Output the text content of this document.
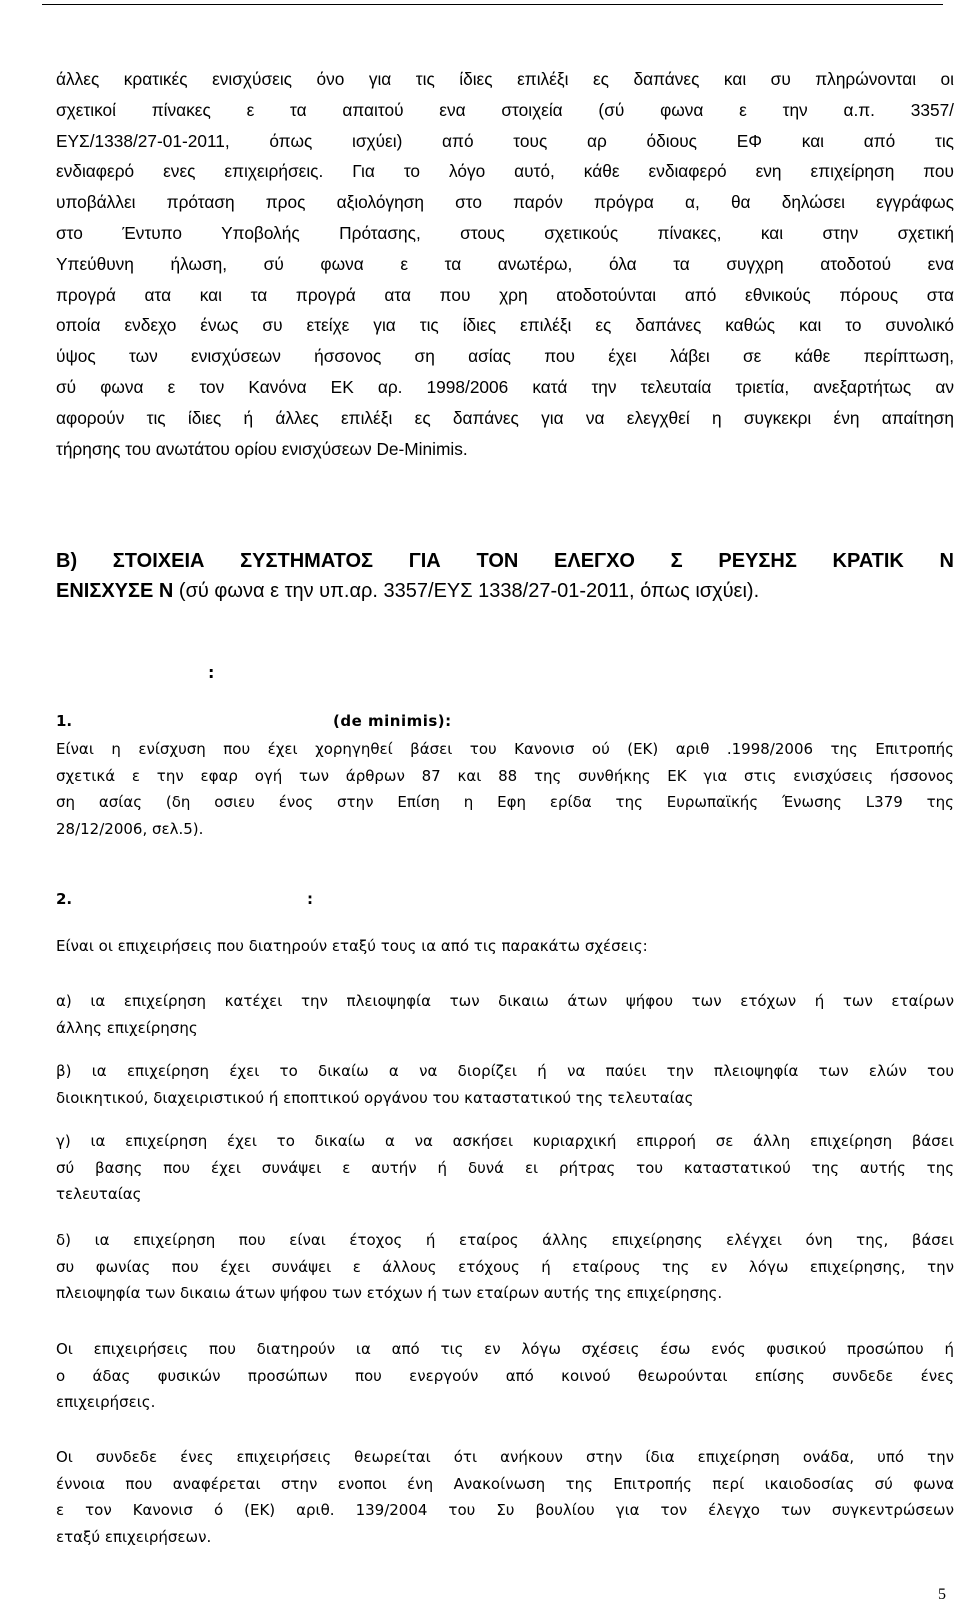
άλλες κρατικές ενισχύσεις όνο για τις ίδιες επιλέξι ες δαπάνες και συ πληρώνονται οι
σχετικοί πίνακες ε τα απαιτού ενα στοιχεία (σύ φωνα ε την α.π. 3357/
ΕΥΣ/1338/27-01-2011, όπως ισχύει) από τους αρ όδιους ΕΦ και από τις
ενδιαφερό ενες επιχειρήσεις. Για το λόγο αυτό, κάθε ενδιαφερό ενη επιχείρηση που
υποβάλλει πρόταση προς αξιολόγηση στο παρόν πρόγρα α, θα δηλώσει εγγράφως
στο Έντυπο Υποβολής Πρότασης, στους σχετικούς πίνακες, και στην σχετική
Υπεύθυνη ήλωση, σύ φωνα ε τα ανωτέρω, όλα τα συγχρη ατοδοτού ενα
προγρά ατα και τα προγρά ατα που χρη ατοδοτούνται από εθνικούς πόρους στα
οποία ενδεχο ένως συ ετείχε για τις ίδιες επιλέξι ες δαπάνες καθώς και το συνολικό
ύψος των ενισχύσεων ήσσονος ση ασίας που έχει λάβει σε κάθε περίπτωση,
σύ φωνα ε τον Κανόνα ΕΚ αρ. 1998/2006 κατά την τελευταία τριετία, ανεξαρτήτως αν
αφορούν τις ίδιες ή άλλες επιλέξι ες δαπάνες για να ελεγχθεί η συγκεκρι ένη απαίτηση
τήρησης του ανωτάτου ορίου ενισχύσεων De-Minimis.

Β) ΣΤΟΙΧΕΙΑ ΣΥΣΤΗΜΑΤΟΣ ΓΙΑ ΤΟΝ ΕΛΕΓΧΟ Σ ΡΕΥΣΗΣ ΚΡΑΤΙΚ Ν
ΕΝΙΣΧΥΣΕ Ν (σύ φωνα ε την υπ.αρ. 3357/ΕΥΣ 1338/27-01-2011, όπως ισχύει).
:
1.	(de minimis):

Είναι η ενίσχυση που έχει χορηγηθεί βάσει του Κανονισ ού (ΕΚ) αριθ .1998/2006 της Επιτροπής
σχετικά ε την εφαρ ογή των άρθρων 87 και 88 της συνθήκης ΕΚ για στις ενισχύσεις ήσσονος
ση ασίας (δη οσιευ ένος στην Επίση η Εφη ερίδα της Ευρωπαϊκής Ένωσης L379 της
28/12/2006, σελ.5).

2.	:

Είναι οι επιχειρήσεις που διατηρούν εταξύ τους ια από τις παρακάτω σχέσεις:

α) ια επιχείρηση κατέχει την πλειοψηφία των δικαιω άτων ψήφου των ετόχων ή των εταίρων
άλλης επιχείρησης

β) ια επιχείρηση έχει το δικαίω α να διορίζει ή να παύει την πλειοψηφία των ελών του
διοικητικού, διαχειριστικού ή εποπτικού οργάνου του καταστατικού της τελευταίας

γ) ια επιχείρηση έχει το δικαίω α να ασκήσει κυριαρχική επιρροή σε άλλη επιχείρηση βάσει
σύ βασης που έχει συνάψει ε αυτήν ή δυνά ει ρήτρας του καταστατικού της αυτής της
τελευταίας

δ) ια επιχείρηση που είναι έτοχος ή εταίρος άλλης επιχείρησης ελέγχει όνη της, βάσει
συ φωνίας που έχει συνάψει ε άλλους ετόχους ή εταίρους της εν λόγω επιχείρησης, την
πλειοψηφία των δικαιω άτων ψήφου των ετόχων ή των εταίρων αυτής της επιχείρησης.

Οι επιχειρήσεις που διατηρούν ια από τις εν λόγω σχέσεις έσω ενός φυσικού προσώπου ή
ο άδας φυσικών προσώπων που ενεργούν από κοινού θεωρούνται επίσης συνδεδε ένες
επιχειρήσεις.

Οι συνδεδε ένες επιχειρήσεις θεωρείται ότι ανήκουν στην ίδια επιχείρηση ονάδα, υπό την
έννοια που αναφέρεται στην ενοποι ένη Ανακοίνωση της Επιτροπής περί ικαιοδοσίας σύ φωνα
ε τον Κανονισ ό (ΕΚ) αριθ. 139/2004 του Συ βουλίου για τον έλεγχο των συγκεντρώσεων
εταξύ επιχειρήσεων.

5
